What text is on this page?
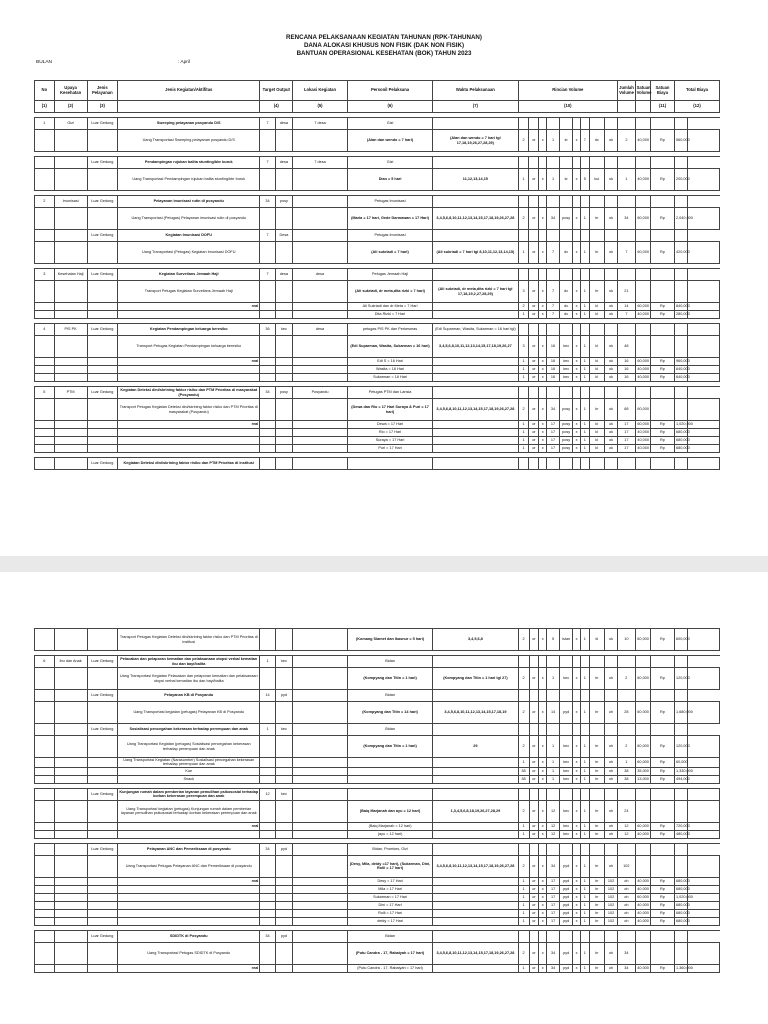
RENCANA PELAKSANAAN KEGIATAN TAHUNAN (RPK-TAHUNAN)
DANA ALOKASI KHUSUS NON FISIK (DAK NON FISIK)
BANTUAN OPERASIONAL KESEHATAN (BOK) TAHUN 2023
BULAN	: April
No	Upaya Kesehatan	Jenis Pelayanan	Jenis Kegiatan/Aktifitas	Target Output		Lokasi Kegiatan	Personil Pelaksana	Waktu Pelaksanaan	Rincian Volume									Jumlah Volume	Satuan Volume	Satuan Biaya	Total Biaya	
(1)	(2)	(3)		(4)		(5)	(6)	(7)	(10)											(11)	(12)	

1	Gizi	Luar Gedung	Sweeping pelayanan posyandu D/S	7	desa	7 desa	Gizi															
			Uang Transportasi Sweeping pelayanan posyandu D/S				(Alan dan wendo = 7 hari)	(Alan dan wendo = 7 hari tgl 17,18,19,26,27,28,29)	2	or	x	1	kr	x	7	dc	ok	2	40,000	Rp	560,000	

		Luar Gedung	Pendampingan rujukan balita stunting/bbr buruk	7	desa	7 desa	Gizi															
			Uang Transportasi Pendampingan rujukan balita stunting/bbr buruk				Dian = 5 hari	11,12,13,14,15	1	or	x	1	kr	x	5	kui	ok	1	40,000	Rp	200,000	

2	Imunisasi	Luar Gedung	Pelayanan imunisasi rutin di posyandu	34	posy		Petugas Imunisasi															
			Uang Transportasi (Petugas) Pelayanan imunisasi rutin di posyandu				(Maria = 17 hari, Gede Darmawan = 17 Hari)	3,4,5,6,8,10,11,12,13,14,15,17,18,19,26,27,28	2	or	x	34	posy	x	1	hr	ok	34	60,000	Rp	2,040,000	
		Luar Gedung	Kegiatan Imunisasi DOFU	7	Desa		Petugas Imunisasi															
			Uang Transportasi (Petugas) Kegiatan Imunisasi DOFU				(Ali sukriadi = 7 hari)	(Ali sukriadi = 7 hari tgl 8,10,11,12,13,14,15)	1	or	x	7	dc	x	1	hr	ok	7	60,000	Rp	420,000	

3	Kesehatan Haji	Luar Gedung	Kegiatan Surveilans Jemaah Haji	7	desa	desa	Petugas Jemaah Haji															
			Transport Petugas Kegiatan Surveilans Jemaah Haji				(Ali sukriadi, dr meta,dita rizki = 7 hari)	(Ali sukriadi, dr meta,dita rizki = 7 hari tgl 17,18,19,2,27,28,29)	3	or	x	7	dc	x	1	hr	ok	21				
			real				Ali Sukriadi dan dr Meta = 7 Hari		2	or	x	7	dc	x	1	kl	ok	14	60,000	Rp	840,000	
							Dita Rizki = 7 Hari		1	or	x	7	dc	x	1	kl	ok	7	40,000	Rp	280,000	

4	PIS PK	Luar Gedung	Kegiatan Pendampingan keluarga beresiko	36	kec	desa	petugas PIS PK dan Perkesmas	(Edi Suparman, Wasita, Sukarman = 16 hari tgl)														
			Transport Petugas Kegiatan Pendampingan keluarga beresiko				(Edi Suparman, Wasita, Sukarman = 16 hari)	3,4,5,6,8,10,11,12,13,14,15,17,18,19,26,27	3	or	x	16	kec	x	1	kl	ok	48				
			real				Edi S = 16 Hari		1	or	x	16	kec	x	1	kl	ok	16	60,000	Rp	960,000	
							Wasita = 16 Hari		1	or	x	16	kec	x	1	kl	ok	16	40,000	Rp	640,000	
							Sukarman = 16 Hari		1	or	x	16	kec	x	1	kl	ok	16	40,000	Rp	640,000	

5	PTM	Luar Gedung	Kegiatan Deteksi dini/skrining faktor risiko dan PTM Prioritas di masyarakat (Posyandu)	34	posy	Posyandu	Petugas PTM dan Lansia															
			Transport Petugas Kegiatan Deteksi dini/skrining faktor risiko dan PTM Prioritas di masyarakat (Posyandu)				(Dewa dan Rio = 17 Hari Suraya & Puri = 17 hari)	3,4,5,6,8,10,11,12,13,14,15,17,18,19,26,27,28	2	or	x	34	posy	x	1	hr	ok	68	60,000			
			real				Dewa = 17 Hari		1	or	x	17	posy	x	1	kl	ok	17	60,000	Rp	1,020,000	
							Rio = 17 Hari		1	or	x	17	posy	x	1	kl	ok	17	40,000	Rp	680,000	
							Suraya = 17 Hari		1	or	x	17	posy	x	1	kl	ok	17	40,000	Rp	680,000	
							Puri = 17 Hari		1	or	x	17	posy	x	1	kl	ok	17	40,000	Rp	680,000	

		Luar Gedung	Kegiatan Deteksi dini/skrining faktor risiko dan PTM Prioritas di institusi																			
			Transport Petugas Kegiatan Deteksi dini/skrining faktor risiko dan PTM Prioritas di institusi				(Komang Slamet dan Ikasnur = 5 hari)	3,4,5,6,8	2	or	x	5	istan	x	1	kl	ok	10	60,000	Rp	600,000	

6	Ibu dan Anak	Luar Gedung	Pelacakan dan pelaporan kematian dan pelaksanaan otopsi verbal kematian ibu dan bayi/balita	1	kec		Bidan															
			Uang Transportasi Kegiatan Pelacakan dan pelaporan kematian dan pelaksanaan otopsi verbal kematian ibu dan bayi/balita				(Kompyang dan Titin = 1 hari)	(Kompyang dan Titin = 1 hari tgl 27)	2	or	x	1	kec	x	1	hr	oh	2	60,000	Rp	120,000	
		Luar Gedung	Pelayanan KB di Posyandu	14	pyd		Bidan															
			Uang Transportasi kegiatan (petugas) Pelayanan KB di Posyandu				(Kompyang dan Titin = 14 hari)	3,4,5,6,8,10,11,12,13,14,15,17,18,19	2	or	x	14	pyd	x	1	hr	oh	28	60,000	Rp	1,680,000	
		Luar Gedung	Sosialisasi pencegahan kekerasan terhadap perempuan dan anak	1	kec		Bidan															
			Uang Transportasi Kegiatan (petugas) Sosialisasi pencegahan kekerasan terhadap perempuan dan anak				(Kompyang dan Titin = 1 hari)	29	2	or	x	1	kec	x	1	hr	oh	2	60,000	Rp	120,000	
			Uang Transportasi Kegiatan (Narasumber) Sosialisasi pencegahan kekerasan terhadap perempuan dan anak						1	or	x	1	kec	x	1	hr	oh	1	60,000	Rp	60,000	
			Kue						38	or	x	1	kec	x	1	hr	oh	38	35,000	Rp	1,330,000	
			Snack						38	or	x	1	kec	x	1	hr	oh	38	13,000	Rp	494,000	

		Luar Gedung	Kunjungan rumah dalam pemberian layanan pemulihan psikososial terhadap korban kekerasan perempuan dan anak	12	kec																	
			Uang Transportasi kegiatan (petugas) Kunjungan rumah dalam pemberian layanan pemulihan psikososial terhadap korban kekerasan perempuan dan anak				(Baiq Marjanah dan ayu = 12 hari)	1,3,4,5,6,8,18,19,26,27,28,29	2	or	x	12	kec	x	1	hr	oh	24				
			real				(Baiq Marjanah = 12 hari)		1	or	x	12	kec	x	1	hr	oh	12	60,000	Rp	720,000	
							(ayu = 12 hari)		1	or	x	12	kec	x	1	hr	oh	12	40,000	Rp	480,000	

		Luar Gedung	Pelayanan ANC dan Pemeriksaan di posyandu	34	pyd		Bidan, Promkes, Gizi															
			Uang Transportasi Petugas Pelayanan ANC dan Pemeriksaan di posyandu				(Desy, Mila, deidy =17 hari), (Sukarman, Dini, Rolli = 17 hari)	3,4,5,6,8,10,11,12,13,14,15,17,18,19,26,27,28	2	or	x	34	pyd	x	1	hr	oh	102				
			real				Desy = 17 Hari		1	or	x	17	pyd	x	1	hr	102	oh	40,000	Rp	680,000	
							Mila = 17 Hari		1	or	x	17	pyd	x	1	hr	102	oh	40,000	Rp	680,000	
							Sukarman = 17 Hari		1	or	x	17	pyd	x	1	hr	102	oh	60,000	Rp	1,020,000	
							Dini = 17 Hari		1	or	x	17	pyd	x	1	hr	102	oh	40,000	Rp	680,000	
							Rolli = 17 Hari		1	or	x	17	pyd	x	1	hr	102	oh	40,000	Rp	680,000	
							deidy = 17 Hari		1	or	x	17	pyd	x	1	hr	102	oh	40,000	Rp	680,000	

		Luar Gedung	SDIDTK di Posyandu	34	pyd		Bidan															
			Uang Transportasi Petugas SDIDTK di Posyandu				(Putu Candra - 17, Rabaiyah = 17 hari)	3,4,5,6,8,10,11,12,13,14,15,17,18,19,26,27,28	2	or	x	34	pyd	x	1	hr	oh	34				
			real				(Putu Candra - 17, Rabaiyah = 17 hari)		1	or	x	34	pyd	x	1	hr	oh	34	40,000	Rp	1,360,000	
